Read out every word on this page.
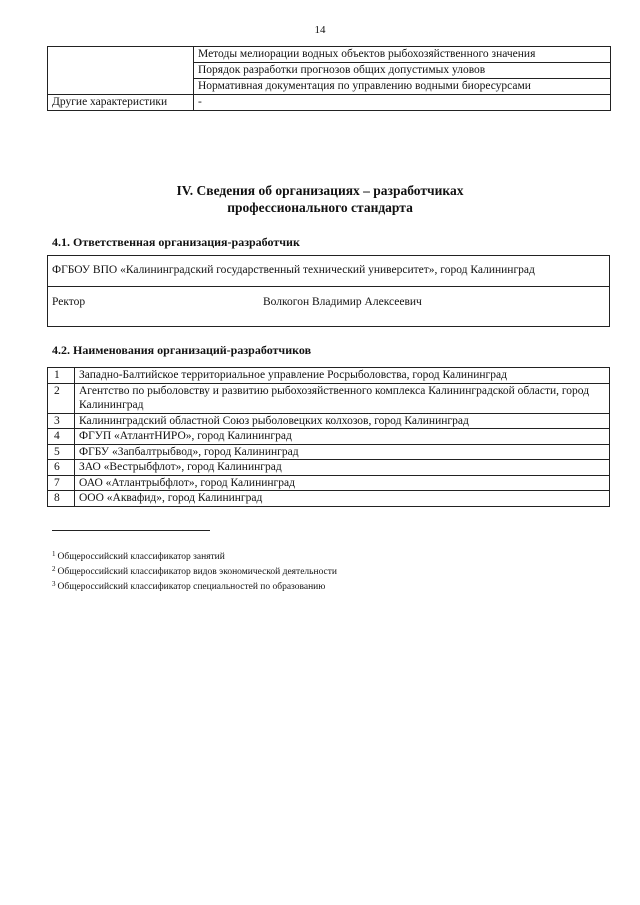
14
	Методы мелиорации водных объектов рыбохозяйственного значения
	Порядок разработки прогнозов общих допустимых уловов
	Нормативная документация по управлению водными биоресурсами
Другие характеристики	-
IV. Сведения об организациях – разработчиках
профессионального стандарта
4.1. Ответственная организация-разработчик
ФГБОУ ВПО «Калининградский государственный технический университет», город Калининград
Ректор	Волкогон Владимир Алексеевич
4.2. Наименования организаций-разработчиков
1	Западно-Балтийское территориальное управление Росрыболовства, город Калининград
2	Агентство по рыболовству и развитию рыбохозяйственного комплекса Калининградской области, город Калининград
3	Калининградский областной Союз рыболовецких колхозов, город Калининград
4	ФГУП «АтлантНИРО», город Калининград
5	ФГБУ «Запбалтрыбвод», город Калининград
6	ЗАО «Вестрыбфлот», город Калининград
7	ОАО «Атлантрыбфлот», город Калининград
8	ООО «Аквафид», город Калининград
$^1$ Общероссийский классификатор занятий
$^2$ Общероссийский классификатор видов экономической деятельности
$^3$ Общероссийский классификатор специальностей по образованию
